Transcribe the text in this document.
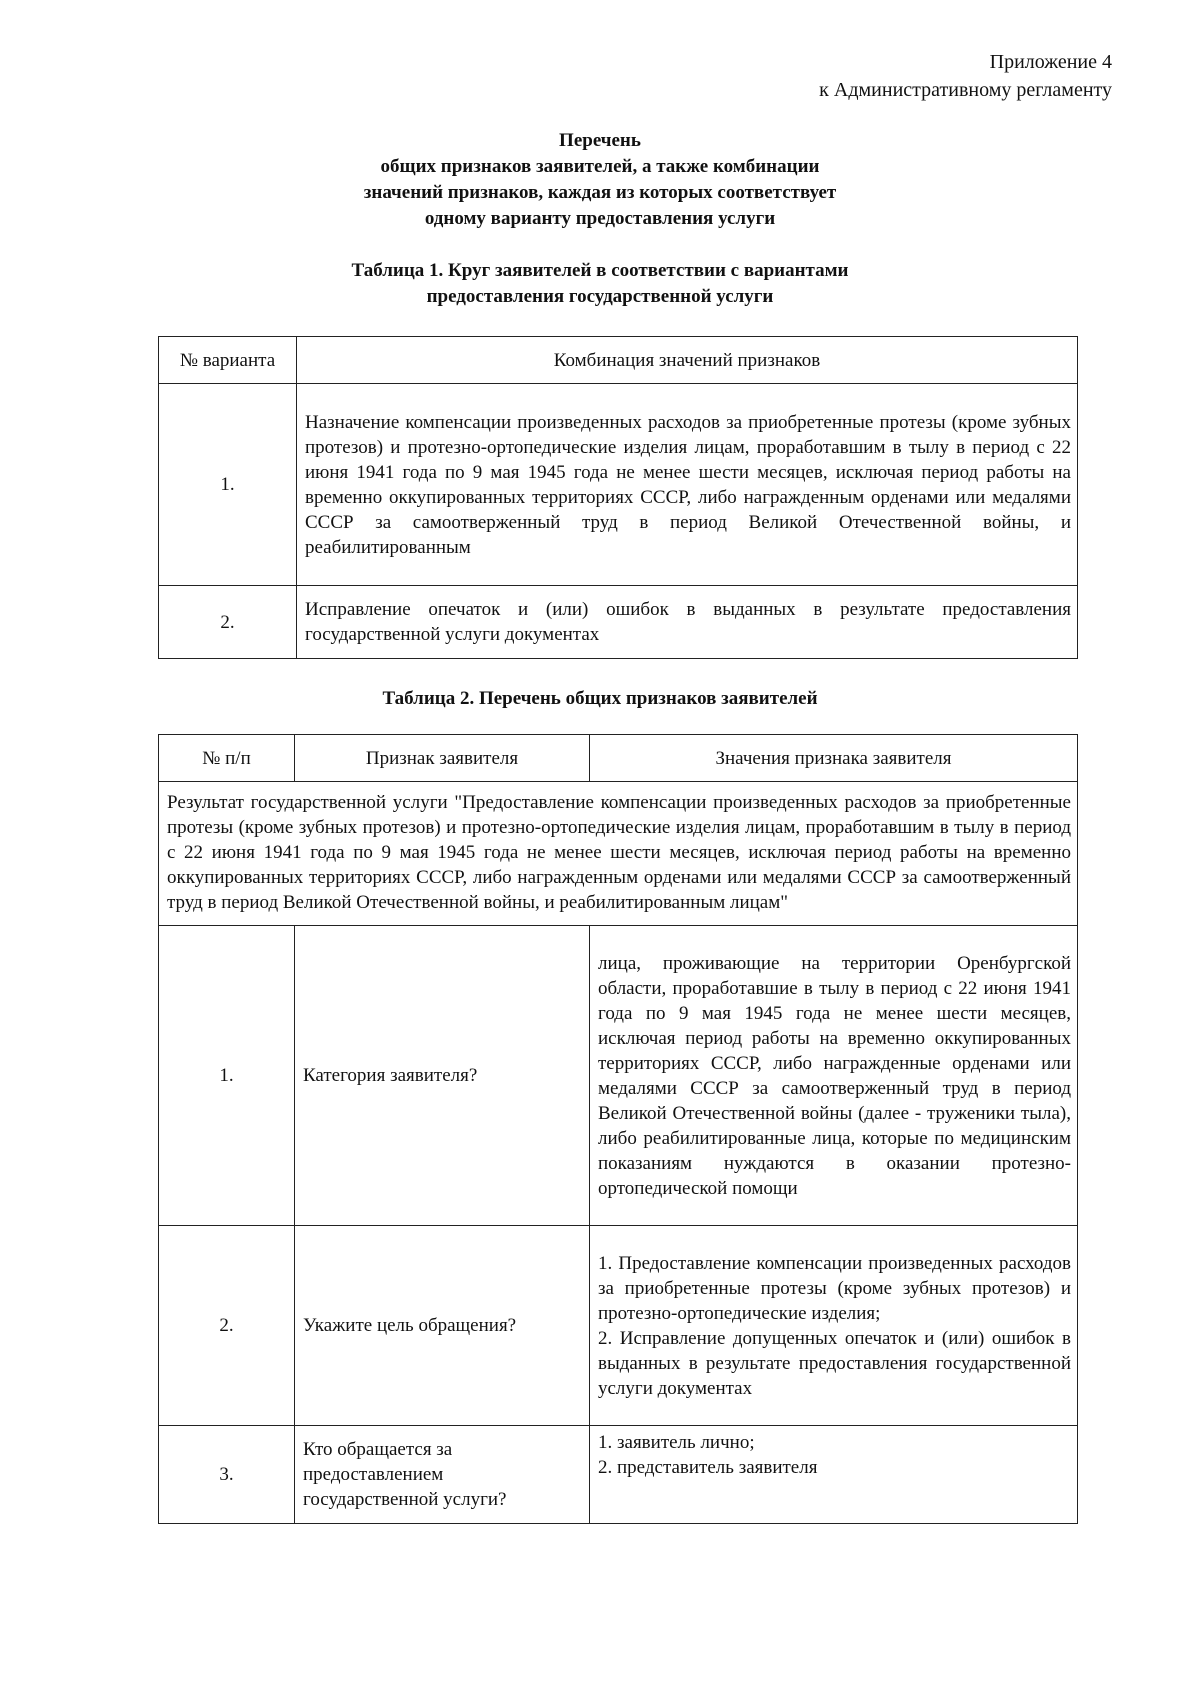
Приложение 4
к Административному регламенту
Перечень
общих признаков заявителей, а также комбинации
значений признаков, каждая из которых соответствует
одному варианту предоставления услуги
Таблица 1. Круг заявителей в соответствии с вариантами
предоставления государственной услуги
№ варианта	Комбинация значений признаков
1.	Назначение компенсации произведенных расходов за приобретенные протезы (кроме зубных протезов) и протезно-ортопедические изделия лицам, проработавшим в тылу в период с 22 июня 1941 года по 9 мая 1945 года не менее шести месяцев, исключая период работы на временно оккупированных территориях СССР, либо награжденным орденами или медалями СССР за самоотверженный труд в период Великой Отечественной войны, и реабилитированным
2.	Исправление опечаток и (или) ошибок в выданных в результате предоставления государственной услуги документах
Таблица 2. Перечень общих признаков заявителей
№ п/п	Признак заявителя	Значения признака заявителя
Результат государственной услуги "Предоставление компенсации произведенных расходов за приобретенные протезы (кроме зубных протезов) и протезно-ортопедические изделия лицам, проработавшим в тылу в период с 22 июня 1941 года по 9 мая 1945 года не менее шести месяцев, исключая период работы на временно оккупированных территориях СССР, либо награжденным орденами или медалями СССР за самоотверженный труд в период Великой Отечественной войны, и реабилитированным лицам"		
1.	Категория заявителя?	лица, проживающие на территории Оренбургской области, проработавшие в тылу в период с 22 июня 1941 года по 9 мая 1945 года не менее шести месяцев, исключая период работы на временно оккупированных территориях СССР, либо награжденные орденами или медалями СССР за самоотверженный труд в период Великой Отечественной войны (далее - труженики тыла), либо реабилитированные лица, которые по медицинским показаниям нуждаются в оказании протезно-ортопедической помощи
2.	Укажите цель обращения?	1. Предоставление компенсации произведенных расходов за приобретенные протезы (кроме зубных протезов) и протезно-ортопедические изделия;
2. Исправление допущенных опечаток и (или) ошибок в выданных в результате предоставления государственной услуги документах

3.	Кто обращается за предоставлением государственной услуги?	1. заявитель лично;
2. представитель заявителя
